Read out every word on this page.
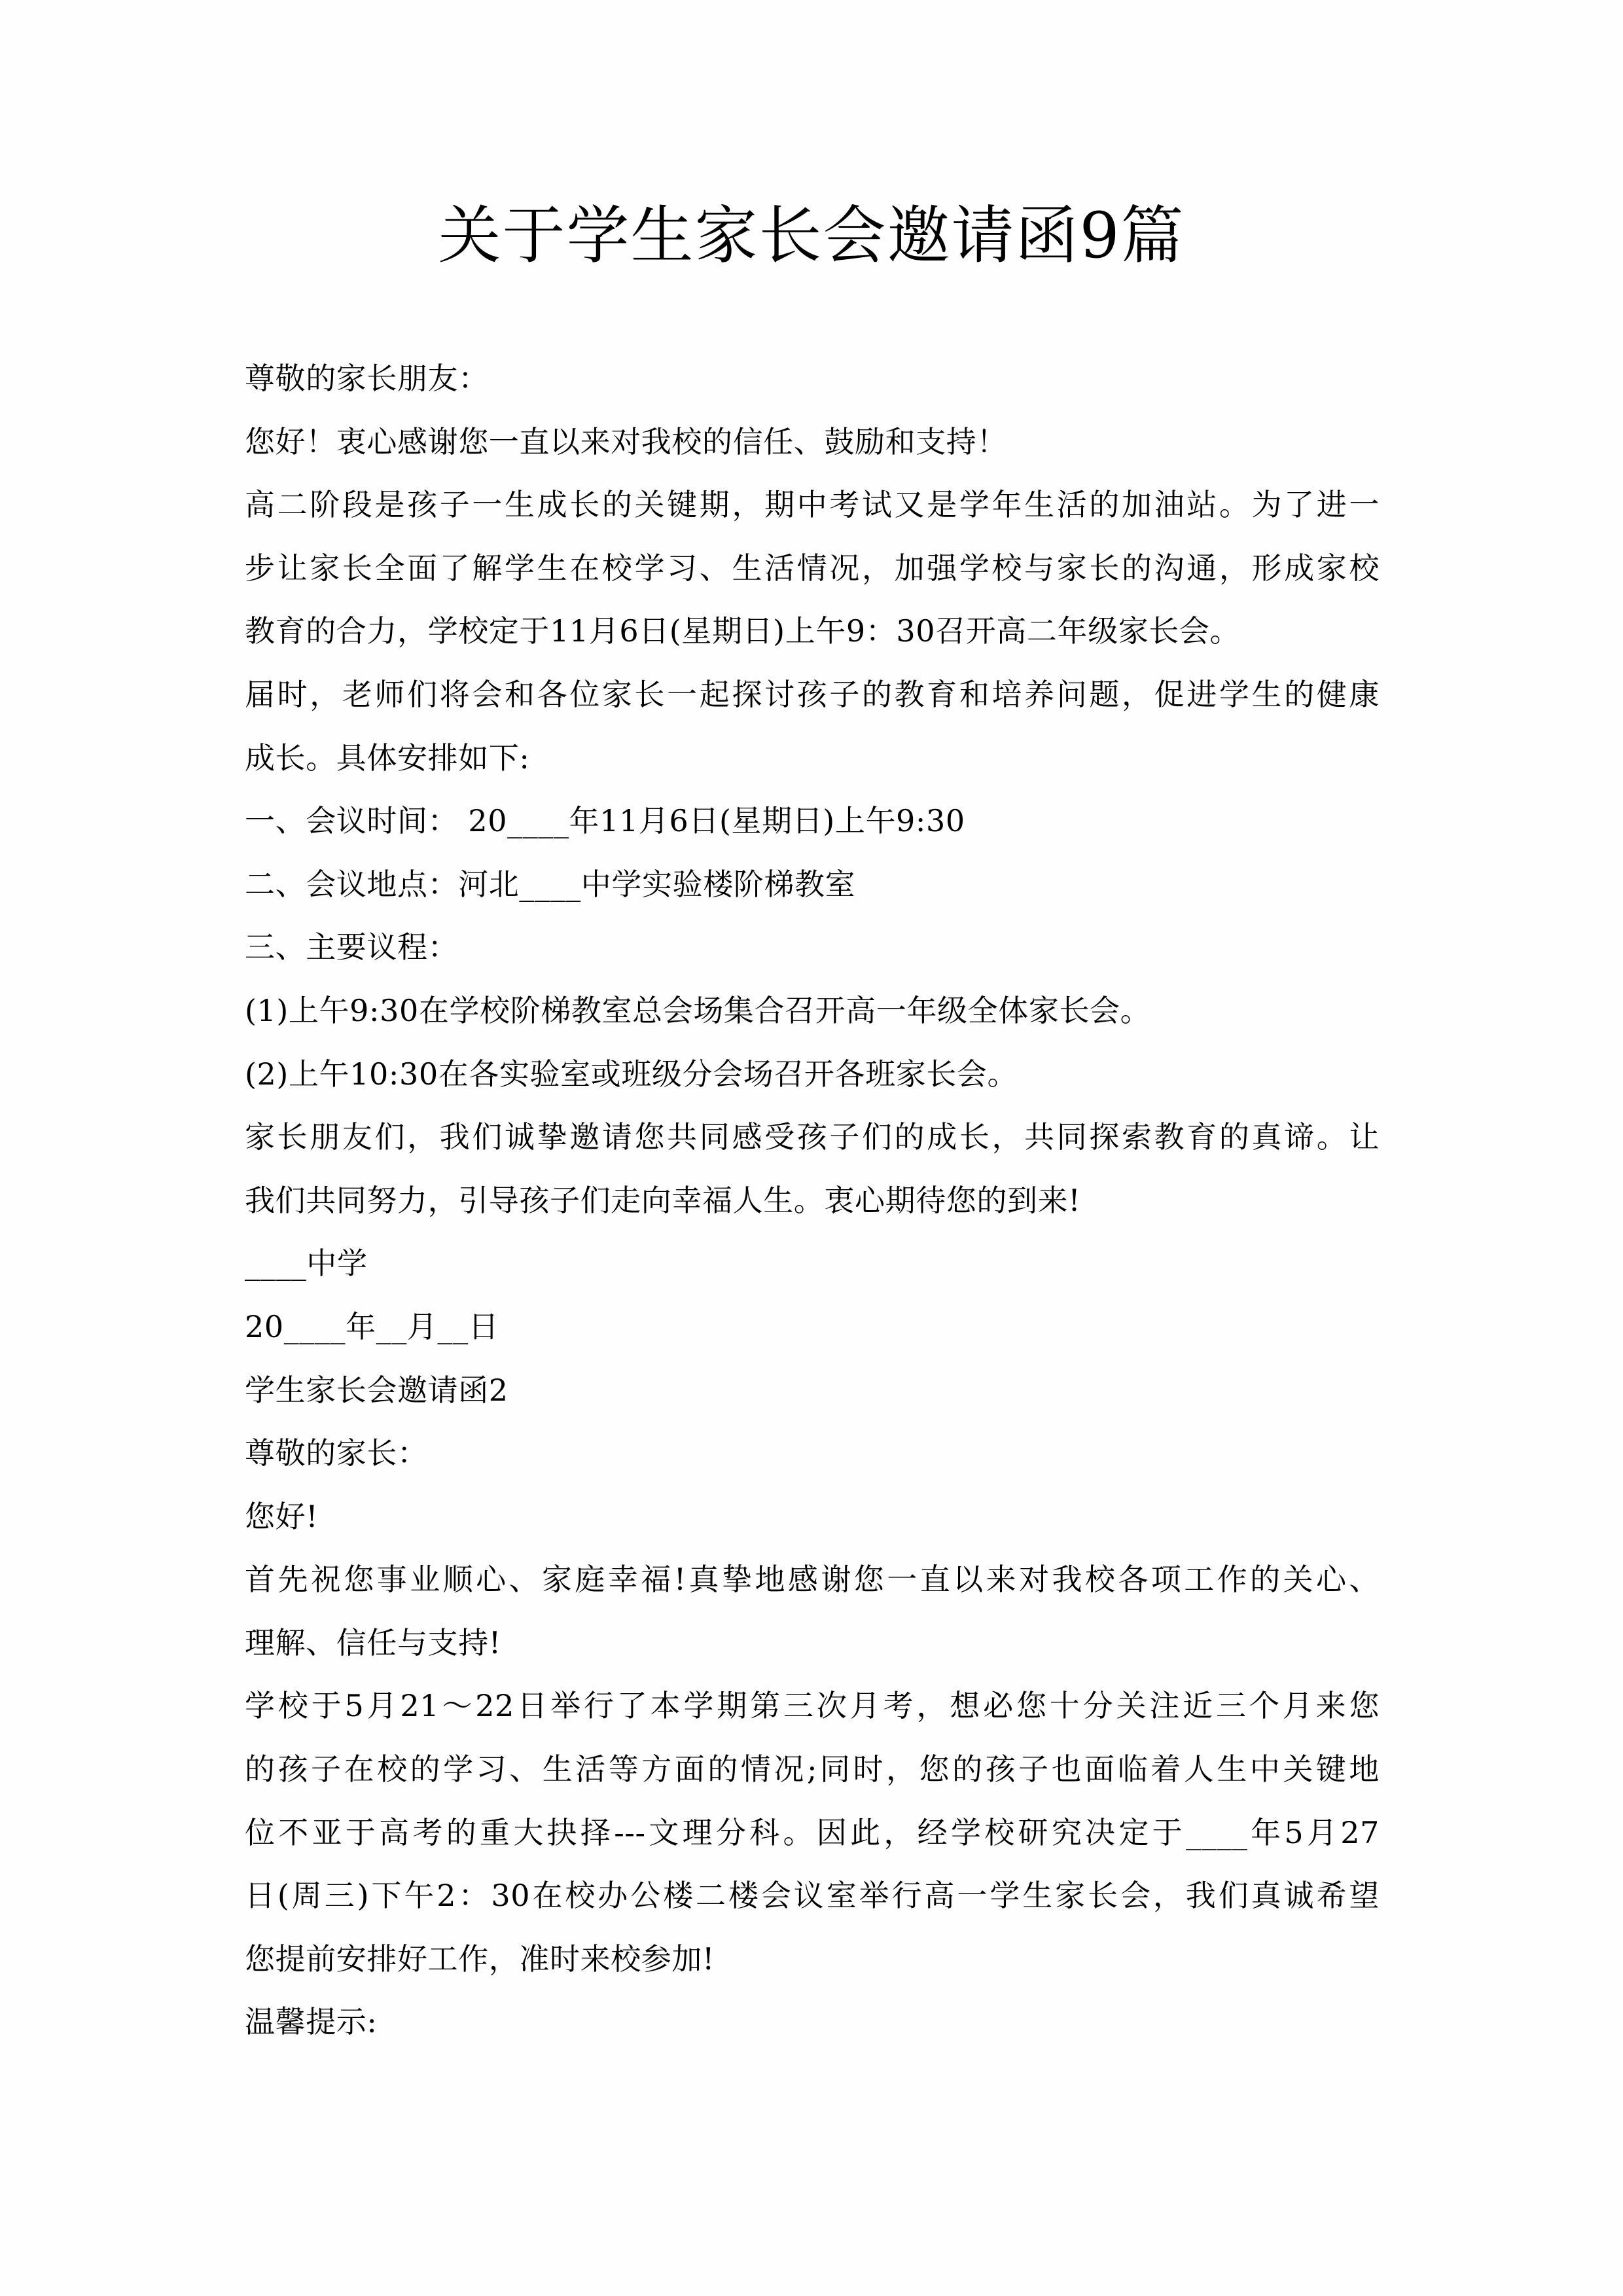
关于学生家长会邀请函9篇

尊敬的家长朋友：

您好！衷心感谢您一直以来对我校的信任、鼓励和支持！

高二阶段是孩子一生成长的关键期，期中考试又是学年生活的加油站。为了进一

步让家长全面了解学生在校学习、生活情况，加强学校与家长的沟通，形成家校

教育的合力，学校定于11月6日(星期日)上午9：30召开高二年级家长会。

届时，老师们将会和各位家长一起探讨孩子的教育和培养问题，促进学生的健康

成长。具体安排如下:

一、会议时间： 20____年11月6日(星期日)上午9:30

二、会议地点：河北____中学实验楼阶梯教室

三、主要议程：

(1)上午9:30在学校阶梯教室总会场集合召开高一年级全体家长会。

(2)上午10:30在各实验室或班级分会场召开各班家长会。

家长朋友们，我们诚挚邀请您共同感受孩子们的成长，共同探索教育的真谛。让

我们共同努力，引导孩子们走向幸福人生。衷心期待您的到来!

____中学

20____年__月__日

学生家长会邀请函2

尊敬的家长：

您好!

首先祝您事业顺心、家庭幸福!真挚地感谢您一直以来对我校各项工作的关心、

理解、信任与支持!

学校于5月21～22日举行了本学期第三次月考，想必您十分关注近三个月来您

的孩子在校的学习、生活等方面的情况;同时，您的孩子也面临着人生中关键地

位不亚于高考的重大抉择---文理分科。因此，经学校研究决定于____年5月27

日(周三)下午2：30在校办公楼二楼会议室举行高一学生家长会，我们真诚希望

您提前安排好工作，准时来校参加!

温馨提示:
